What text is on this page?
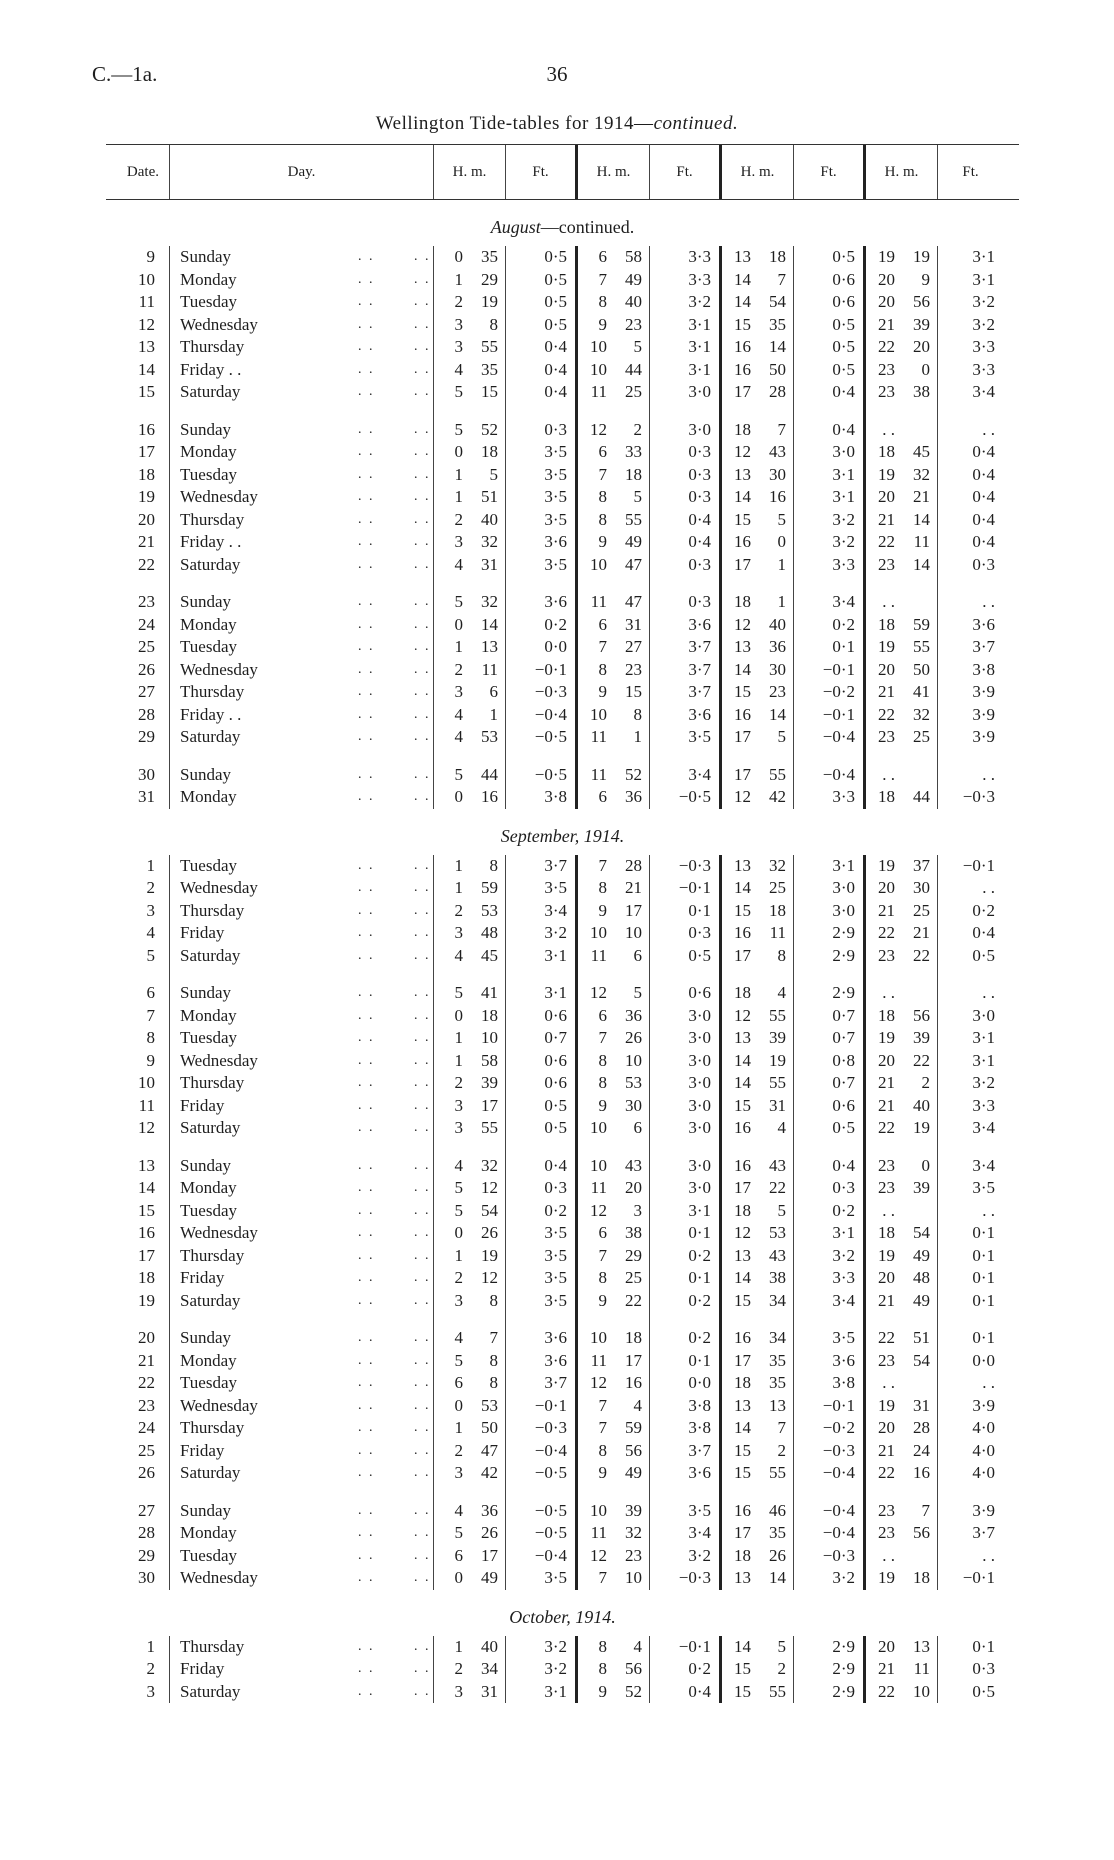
C.—1a.	36
Wellington Tide-tables for 1914—continued.
Date.	Day.	H. m.	Ft.	H. m.	Ft.	H. m.	Ft.	H. m.	Ft.
August—continued.
9	Sunday	. .	. .	0	35	0·5	6	58	3·3	13	18	0·5	19	19	3·1
10	Monday	. .	. .	1	29	0·5	7	49	3·3	14	7	0·6	20	9	3·1
11	Tuesday	. .	. .	2	19	0·5	8	40	3·2	14	54	0·6	20	56	3·2
12	Wednesday	. .	. .	3	8	0·5	9	23	3·1	15	35	0·5	21	39	3·2
13	Thursday	. .	. .	3	55	0·4	10	5	3·1	16	14	0·5	22	20	3·3
14	Friday . .	. .	. .	4	35	0·4	10	44	3·1	16	50	0·5	23	0	3·3
15	Saturday	. .	. .	5	15	0·4	11	25	3·0	17	28	0·4	23	38	3·4
16	Sunday	. .	. .	5	52	0·3	12	2	3·0	18	7	0·4	. .	. .
17	Monday	. .	. .	0	18	3·5	6	33	0·3	12	43	3·0	18	45	0·4
18	Tuesday	. .	. .	1	5	3·5	7	18	0·3	13	30	3·1	19	32	0·4
19	Wednesday	. .	. .	1	51	3·5	8	5	0·3	14	16	3·1	20	21	0·4
20	Thursday	. .	. .	2	40	3·5	8	55	0·4	15	5	3·2	21	14	0·4
21	Friday . .	. .	. .	3	32	3·6	9	49	0·4	16	0	3·2	22	11	0·4
22	Saturday	. .	. .	4	31	3·5	10	47	0·3	17	1	3·3	23	14	0·3
23	Sunday	. .	. .	5	32	3·6	11	47	0·3	18	1	3·4	. .	. .
24	Monday	. .	. .	0	14	0·2	6	31	3·6	12	40	0·2	18	59	3·6
25	Tuesday	. .	. .	1	13	0·0	7	27	3·7	13	36	0·1	19	55	3·7
26	Wednesday	. .	. .	2	11	−0·1	8	23	3·7	14	30	−0·1	20	50	3·8
27	Thursday	. .	. .	3	6	−0·3	9	15	3·7	15	23	−0·2	21	41	3·9
28	Friday . .	. .	. .	4	1	−0·4	10	8	3·6	16	14	−0·1	22	32	3·9
29	Saturday	. .	. .	4	53	−0·5	11	1	3·5	17	5	−0·4	23	25	3·9
30	Sunday	. .	. .	5	44	−0·5	11	52	3·4	17	55	−0·4	. .	. .
31	Monday	. .	. .	0	16	3·8	6	36	−0·5	12	42	3·3	18	44	−0·3
September, 1914.
1	Tuesday	. .	. .	1	8	3·7	7	28	−0·3	13	32	3·1	19	37	−0·1
2	Wednesday	. .	. .	1	59	3·5	8	21	−0·1	14	25	3·0	20	30	. .
3	Thursday	. .	. .	2	53	3·4	9	17	0·1	15	18	3·0	21	25	0·2
4	Friday	. .	. .	3	48	3·2	10	10	0·3	16	11	2·9	22	21	0·4
5	Saturday	. .	. .	4	45	3·1	11	6	0·5	17	8	2·9	23	22	0·5
6	Sunday	. .	. .	5	41	3·1	12	5	0·6	18	4	2·9	. .	. .
7	Monday	. .	. .	0	18	0·6	6	36	3·0	12	55	0·7	18	56	3·0
8	Tuesday	. .	. .	1	10	0·7	7	26	3·0	13	39	0·7	19	39	3·1
9	Wednesday	. .	. .	1	58	0·6	8	10	3·0	14	19	0·8	20	22	3·1
10	Thursday	. .	. .	2	39	0·6	8	53	3·0	14	55	0·7	21	2	3·2
11	Friday	. .	. .	3	17	0·5	9	30	3·0	15	31	0·6	21	40	3·3
12	Saturday	. .	. .	3	55	0·5	10	6	3·0	16	4	0·5	22	19	3·4
13	Sunday	. .	. .	4	32	0·4	10	43	3·0	16	43	0·4	23	0	3·4
14	Monday	. .	. .	5	12	0·3	11	20	3·0	17	22	0·3	23	39	3·5
15	Tuesday	. .	. .	5	54	0·2	12	3	3·1	18	5	0·2	. .	. .
16	Wednesday	. .	. .	0	26	3·5	6	38	0·1	12	53	3·1	18	54	0·1
17	Thursday	. .	. .	1	19	3·5	7	29	0·2	13	43	3·2	19	49	0·1
18	Friday	. .	. .	2	12	3·5	8	25	0·1	14	38	3·3	20	48	0·1
19	Saturday	. .	. .	3	8	3·5	9	22	0·2	15	34	3·4	21	49	0·1
20	Sunday	. .	. .	4	7	3·6	10	18	0·2	16	34	3·5	22	51	0·1
21	Monday	. .	. .	5	8	3·6	11	17	0·1	17	35	3·6	23	54	0·0
22	Tuesday	. .	. .	6	8	3·7	12	16	0·0	18	35	3·8	. .	. .
23	Wednesday	. .	. .	0	53	−0·1	7	4	3·8	13	13	−0·1	19	31	3·9
24	Thursday	. .	. .	1	50	−0·3	7	59	3·8	14	7	−0·2	20	28	4·0
25	Friday	. .	. .	2	47	−0·4	8	56	3·7	15	2	−0·3	21	24	4·0
26	Saturday	. .	. .	3	42	−0·5	9	49	3·6	15	55	−0·4	22	16	4·0
27	Sunday	. .	. .	4	36	−0·5	10	39	3·5	16	46	−0·4	23	7	3·9
28	Monday	. .	. .	5	26	−0·5	11	32	3·4	17	35	−0·4	23	56	3·7
29	Tuesday	. .	. .	6	17	−0·4	12	23	3·2	18	26	−0·3	. .	. .
30	Wednesday	. .	. .	0	49	3·5	7	10	−0·3	13	14	3·2	19	18	−0·1
October, 1914.
1	Thursday	. .	. .	1	40	3·2	8	4	−0·1	14	5	2·9	20	13	0·1
2	Friday	. .	. .	2	34	3·2	8	56	0·2	15	2	2·9	21	11	0·3
3	Saturday	. .	. .	3	31	3·1	9	52	0·4	15	55	2·9	22	10	0·5
